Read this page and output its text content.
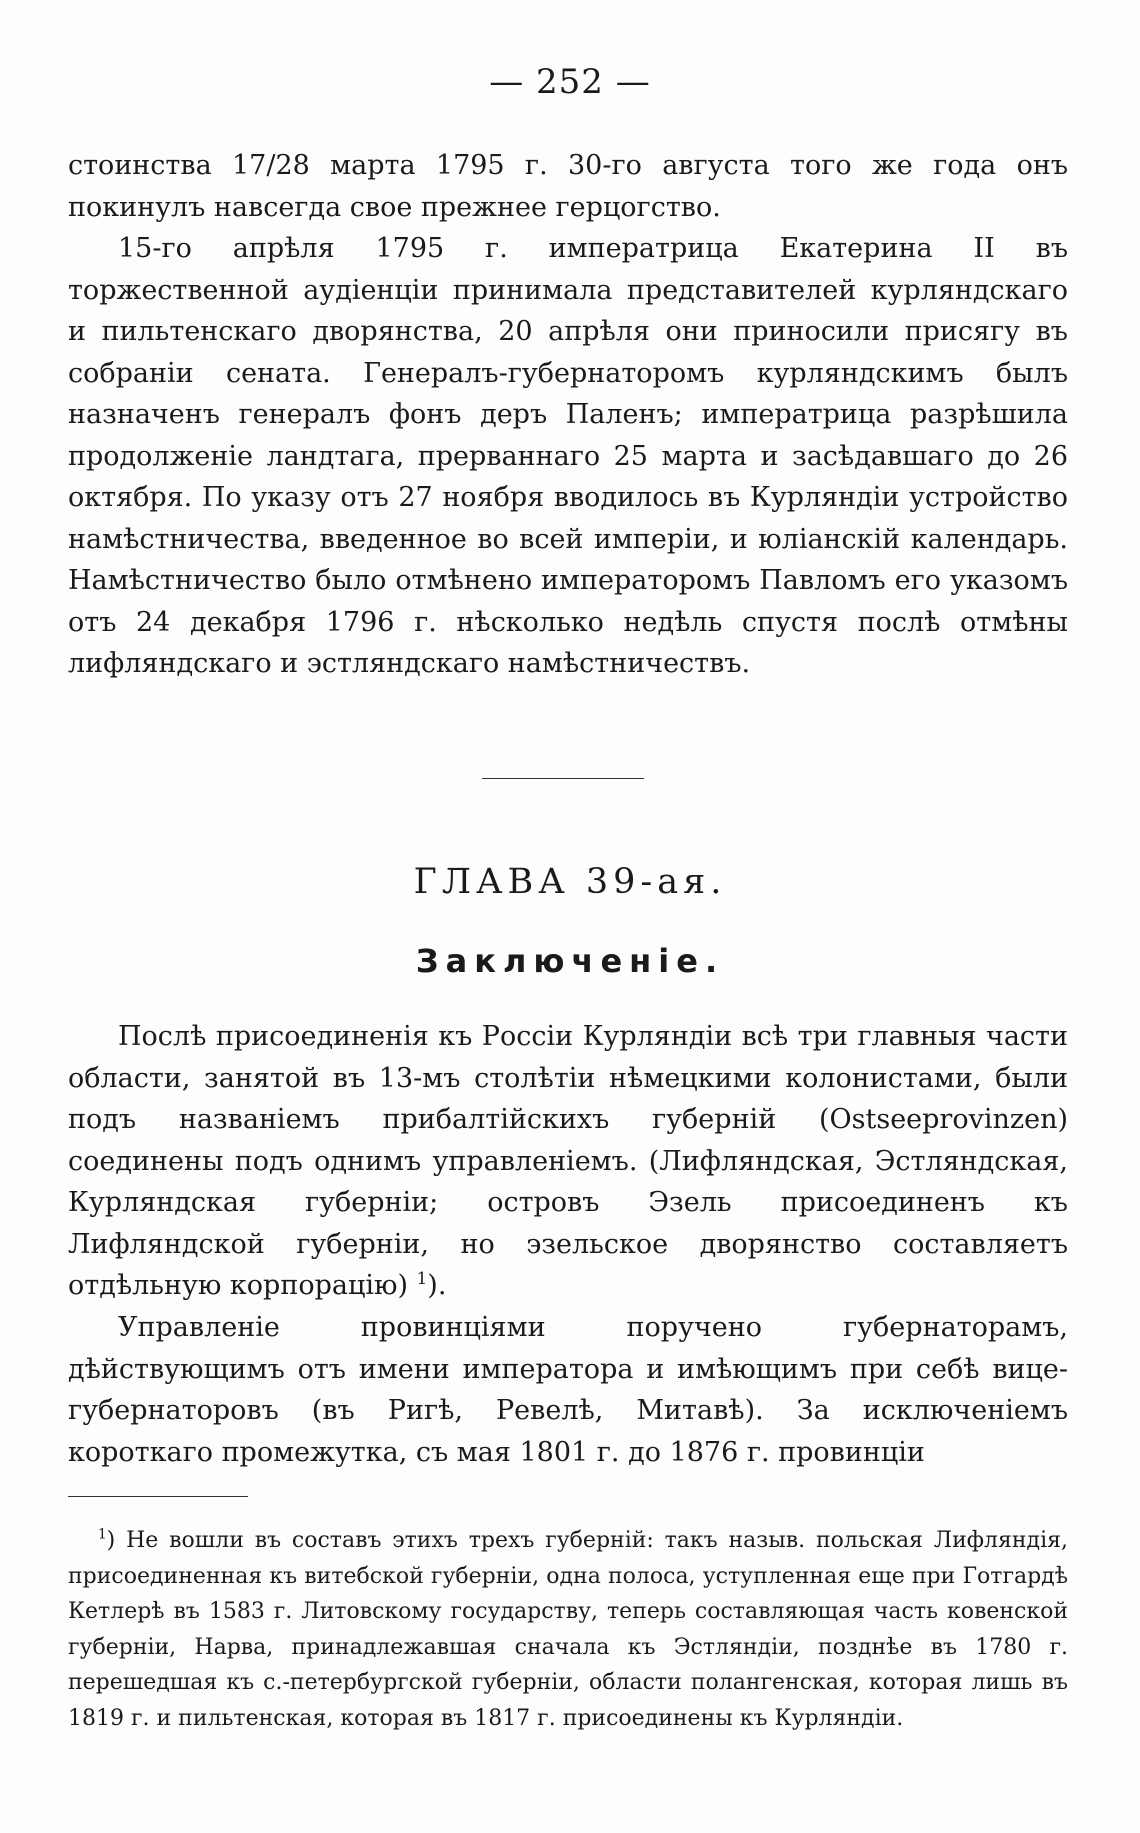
— 252 —

стоинства 17/28 марта 1795 г. 30-го августа того же года онъ покинулъ навсегда свое прежнее герцогство.

15-го апрѣля 1795 г. императрица Екатерина II въ торжественной аудіенціи принимала представителей курляндскаго и пильтенскаго дворянства, 20 апрѣля они приносили присягу въ собраніи сената. Генералъ-губернаторомъ курляндскимъ былъ назначенъ генералъ фонъ деръ Паленъ; императрица разрѣшила продолженіе ландтага, прерваннаго 25 марта и засѣдавшаго до 26 октября. По указу отъ 27 ноября вводилось въ Курляндіи устройство намѣстничества, введенное во всей имперіи, и юліанскій календарь. Намѣстничество было отмѣнено императоромъ Павломъ его указомъ отъ 24 декабря 1796 г. нѣсколько недѣль спустя послѣ отмѣны лифляндскаго и эстляндскаго намѣстничествъ.

ГЛАВА 39-ая.
Заключеніе.

Послѣ присоединенія къ Россіи Курляндіи всѣ три главныя части области, занятой въ 13-мъ столѣтіи нѣмецкими колонистами, были подъ названіемъ прибалтійскихъ губерній (Ostseeprovinzen) соединены подъ однимъ управленіемъ. (Лифляндская, Эстляндская, Курляндская губерніи; островъ Эзель присоединенъ къ Лифляндской губерніи, но эзельское дворянство составляетъ отдѣльную корпорацію) $^1$).

Управленіе провинціями поручено губернаторамъ, дѣйствующимъ отъ имени императора и имѣющимъ при себѣ вице-губернаторовъ (въ Ригѣ, Ревелѣ, Митавѣ). За исключеніемъ короткаго промежутка, съ мая 1801 г. до 1876 г. провинціи

$^1$) Не вошли въ составъ этихъ трехъ губерній: такъ назыв. польская Лифляндія, присоединенная къ витебской губерніи, одна полоса, уступленная еще при Готгардѣ Кетлерѣ въ 1583 г. Литовскому государству, теперь составляющая часть ковенской губерніи, Нарва, принадлежавшая сначала къ Эстляндіи, позднѣе въ 1780 г. перешедшая къ с.-петербургской губерніи, области полангенская, которая лишь въ 1819 г. и пильтенская, которая въ 1817 г. присоединены къ Курляндіи.
